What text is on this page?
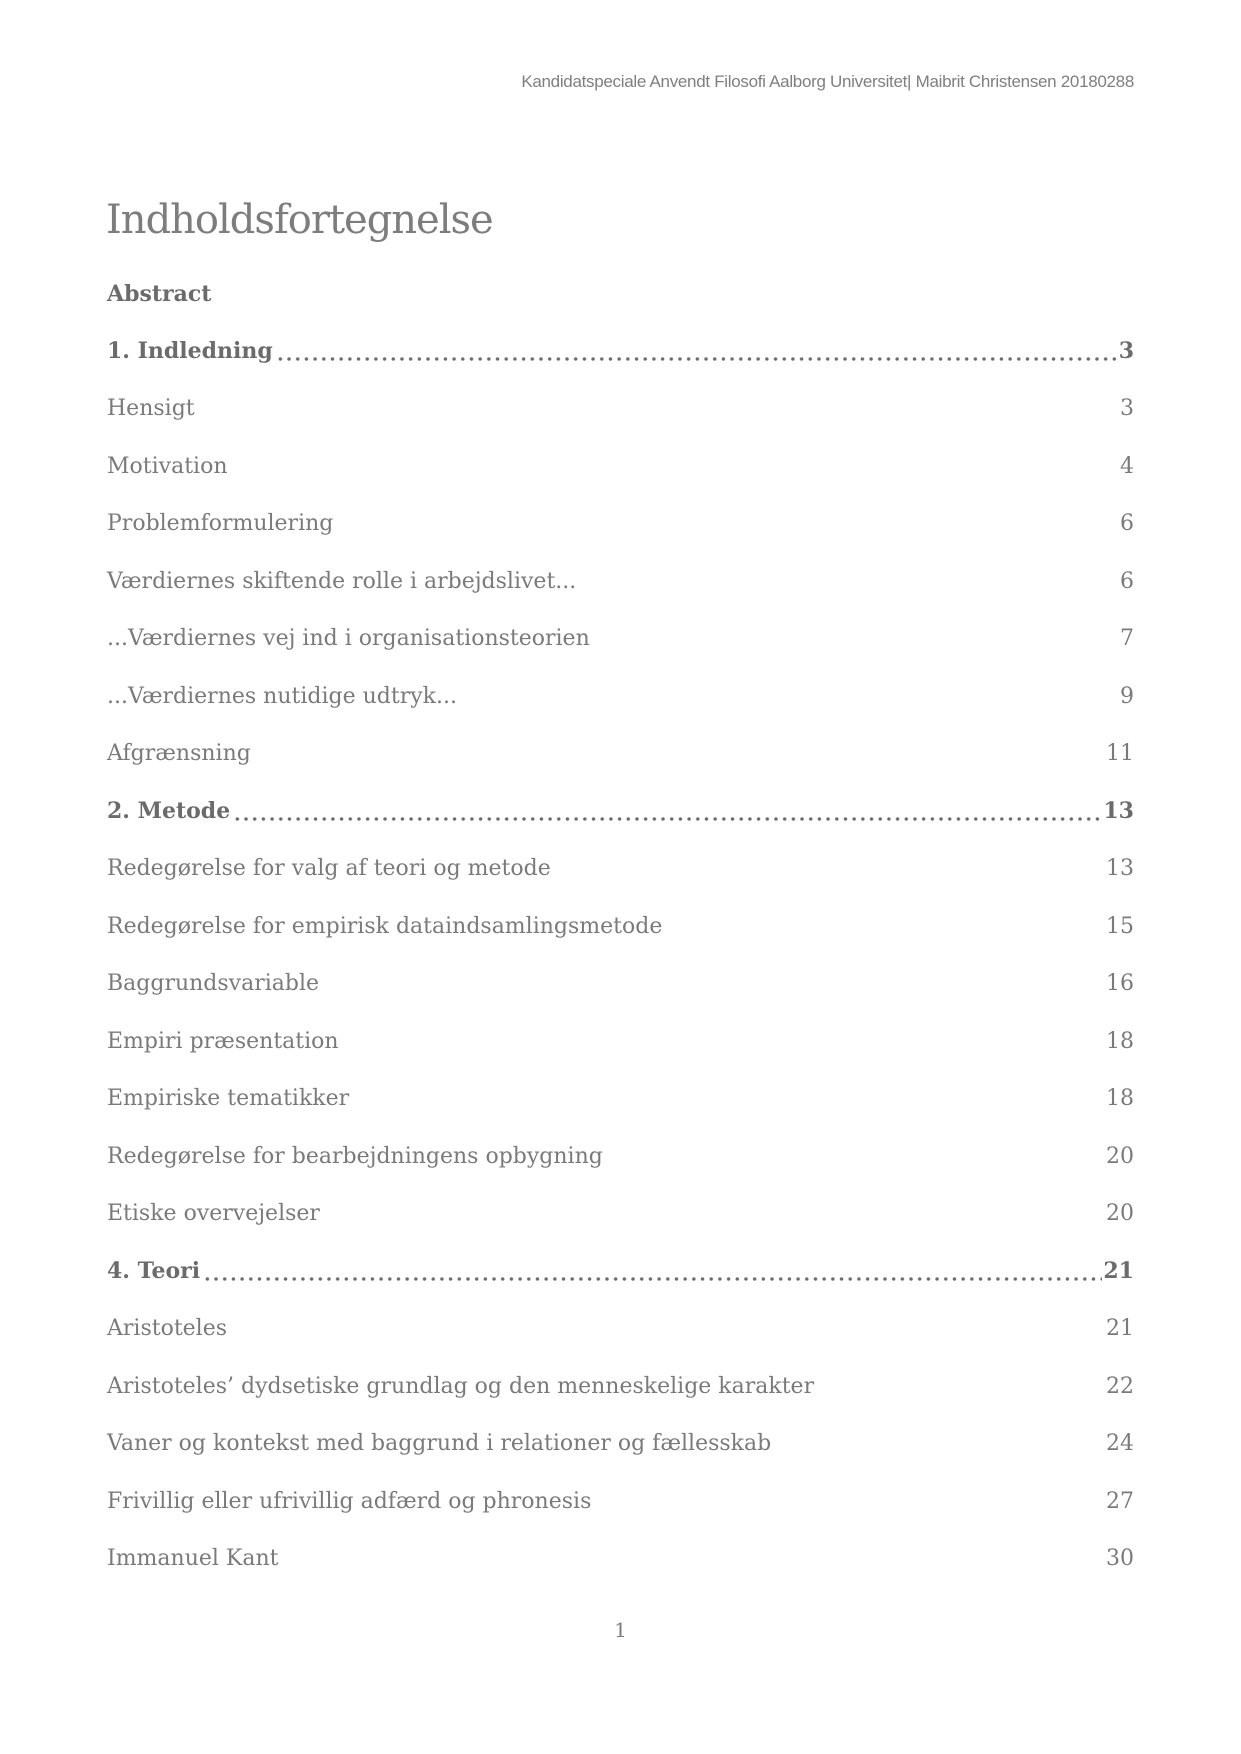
Kandidatspeciale Anvendt Filosofi Aalborg Universitet| Maibrit Christensen 20180288
Indholdsfortegnelse
Abstract
1. Indledning	3
Hensigt	3
Motivation	4
Problemformulering	6
Værdiernes skiftende rolle i arbejdslivet...	6
...Værdiernes vej ind i organisationsteorien	7
...Værdiernes nutidige udtryk...	9
Afgrænsning	11
2. Metode	13
Redegørelse for valg af teori og metode	13
Redegørelse for empirisk dataindsamlingsmetode	15
Baggrundsvariable	16
Empiri præsentation	18
Empiriske tematikker	18
Redegørelse for bearbejdningens opbygning	20
Etiske overvejelser	20
4. Teori	21
Aristoteles	21
Aristoteles’ dydsetiske grundlag og den menneskelige karakter	22
Vaner og kontekst med baggrund i relationer og fællesskab	24
Frivillig eller ufrivillig adfærd og phronesis	27
Immanuel Kant	30
1
